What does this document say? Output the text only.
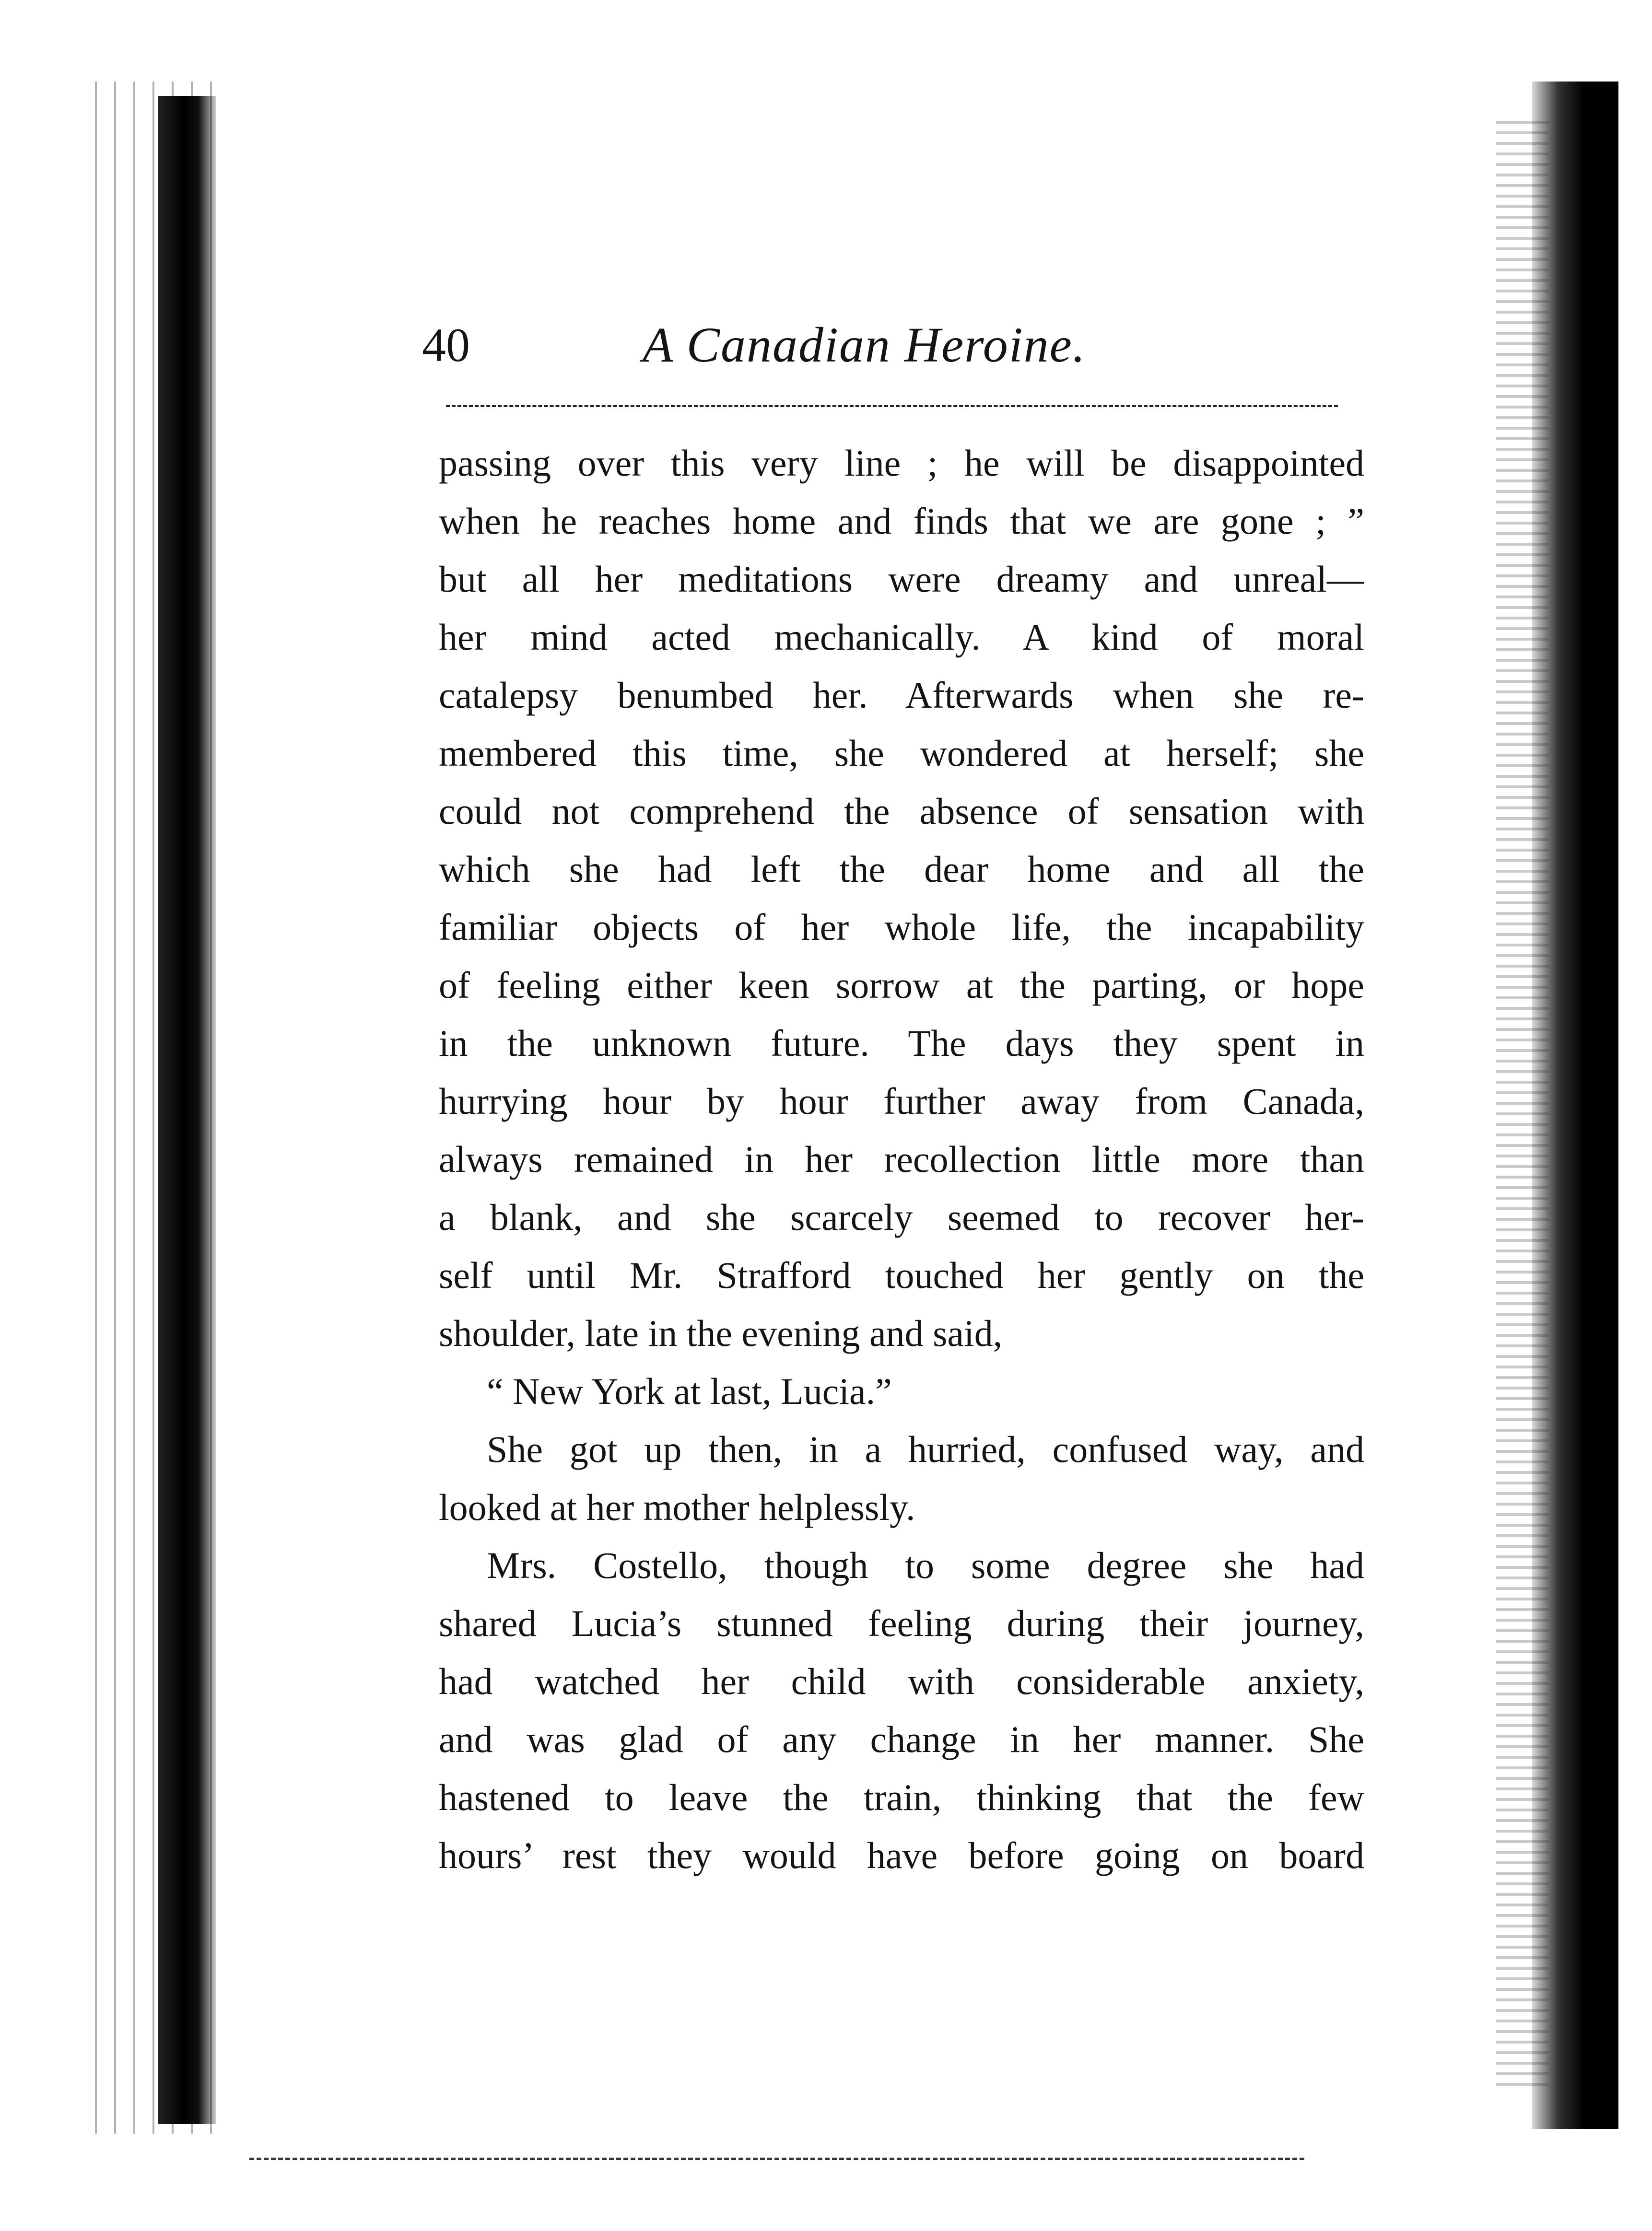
40	A Canadian Heroine.
passing over this very line ; he will be disappointed
when he reaches home and finds that we are gone ; ”
but all her meditations were dreamy and unreal—
her mind acted mechanically. A kind of moral
catalepsy benumbed her. Afterwards when she re-
membered this time, she wondered at herself; she
could not comprehend the absence of sensation with
which she had left the dear home and all the
familiar objects of her whole life, the incapability
of feeling either keen sorrow at the parting, or hope
in the unknown future. The days they spent in
hurrying hour by hour further away from Canada,
always remained in her recollection little more than
a blank, and she scarcely seemed to recover her-
self until Mr. Strafford touched her gently on the
shoulder, late in the evening and said,
“ New York at last, Lucia.”
She got up then, in a hurried, confused way, and
looked at her mother helplessly.
Mrs. Costello, though to some degree she had
shared Lucia’s stunned feeling during their journey,
had watched her child with considerable anxiety,
and was glad of any change in her manner. She
hastened to leave the train, thinking that the few
hours’ rest they would have before going on board
